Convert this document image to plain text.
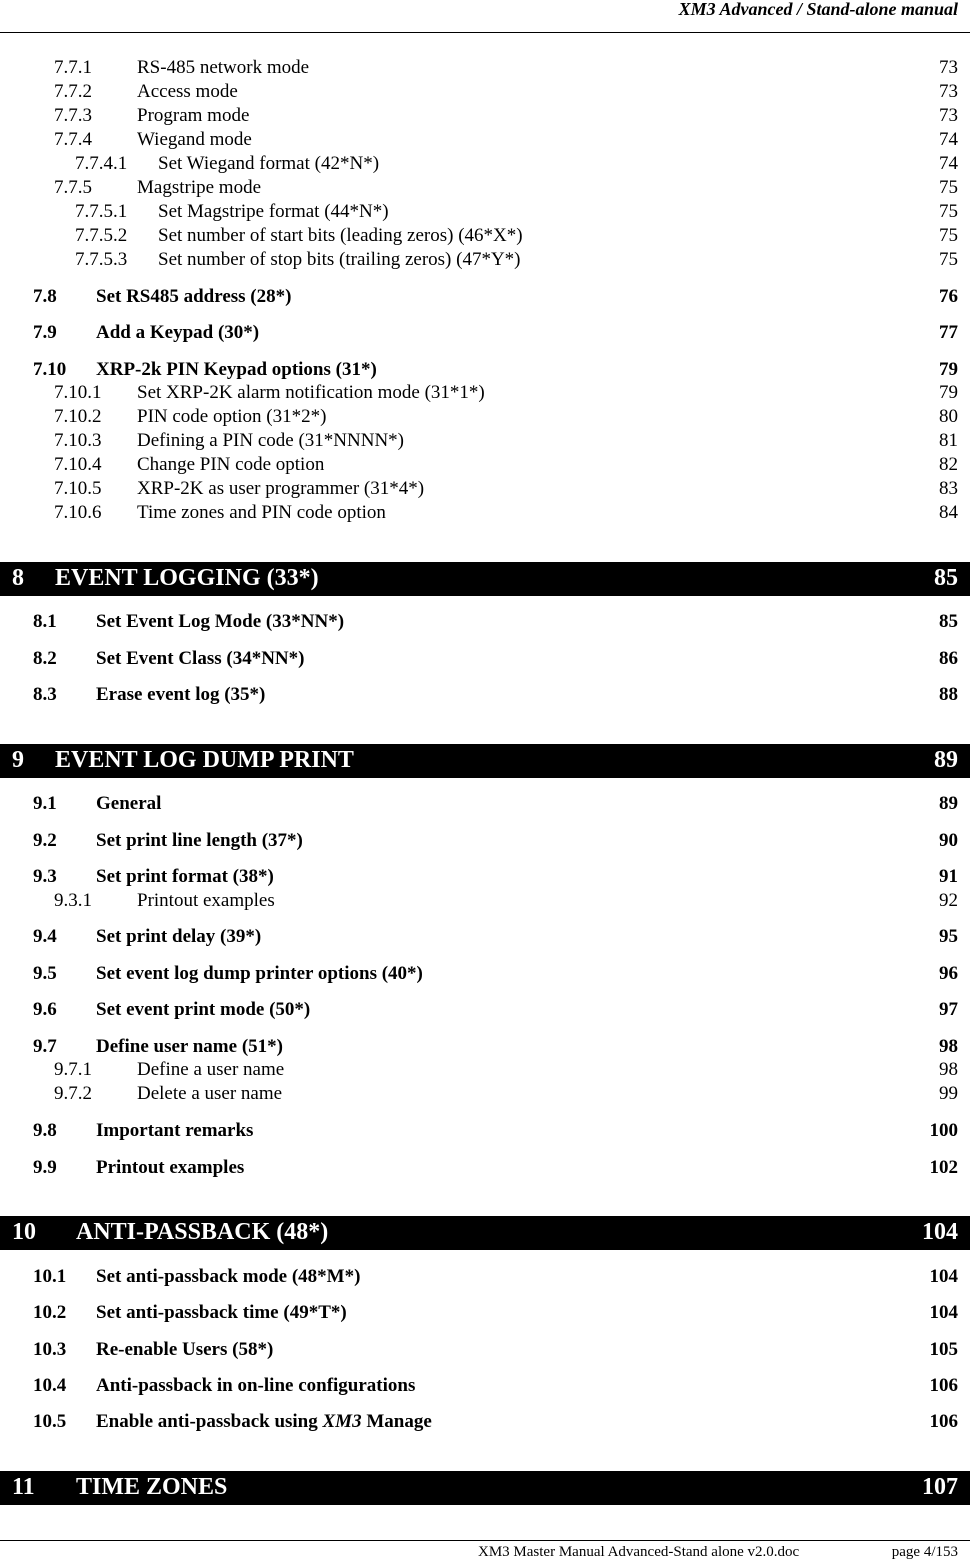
XM3 Advanced / Stand-alone manual
7.7.1 RS-485 network mode	73
7.7.2 Access mode	73
7.7.3 Program mode	73
7.7.4 Wiegand mode	74
7.7.4.1 Set Wiegand format (42*N*)	74
7.7.5 Magstripe mode	75
7.7.5.1 Set Magstripe format (44*N*)	75
7.7.5.2 Set number of start bits (leading zeros) (46*X*)	75
7.7.5.3 Set number of stop bits (trailing zeros) (47*Y*)	75
7.8 Set RS485 address (28*)	76
7.9 Add a Keypad (30*)	77
7.10 XRP-2k PIN Keypad options (31*)	79
7.10.1 Set XRP-2K alarm notification mode (31*1*)	79
7.10.2 PIN code option (31*2*)	80
7.10.3 Defining a PIN code (31*NNNN*)	81
7.10.4 Change PIN code option	82
7.10.5 XRP-2K as user programmer (31*4*)	83
7.10.6 Time zones and PIN code option	84
8 EVENT LOGGING (33*)	85
8.1 Set Event Log Mode (33*NN*)	85
8.2 Set Event Class (34*NN*)	86
8.3 Erase event log (35*)	88
9 EVENT LOG DUMP PRINT	89
9.1 General	89
9.2 Set print line length (37*)	90
9.3 Set print format (38*)	91
9.3.1 Printout examples	92
9.4 Set print delay (39*)	95
9.5 Set event log dump printer options (40*)	96
9.6 Set event print mode (50*)	97
9.7 Define user name (51*)	98
9.7.1 Define a user name	98
9.7.2 Delete a user name	99
9.8 Important remarks	100
9.9 Printout examples	102
10 ANTI-PASSBACK (48*)	104
10.1 Set anti-passback mode (48*M*)	104
10.2 Set anti-passback time (49*T*)	104
10.3 Re-enable Users (58*)	105
10.4 Anti-passback in on-line configurations	106
10.5 Enable anti-passback using XM3 Manage	106
11 TIME ZONES	107
XM3 Master Manual Advanced-Stand alone v2.0.doc	page 4/153
